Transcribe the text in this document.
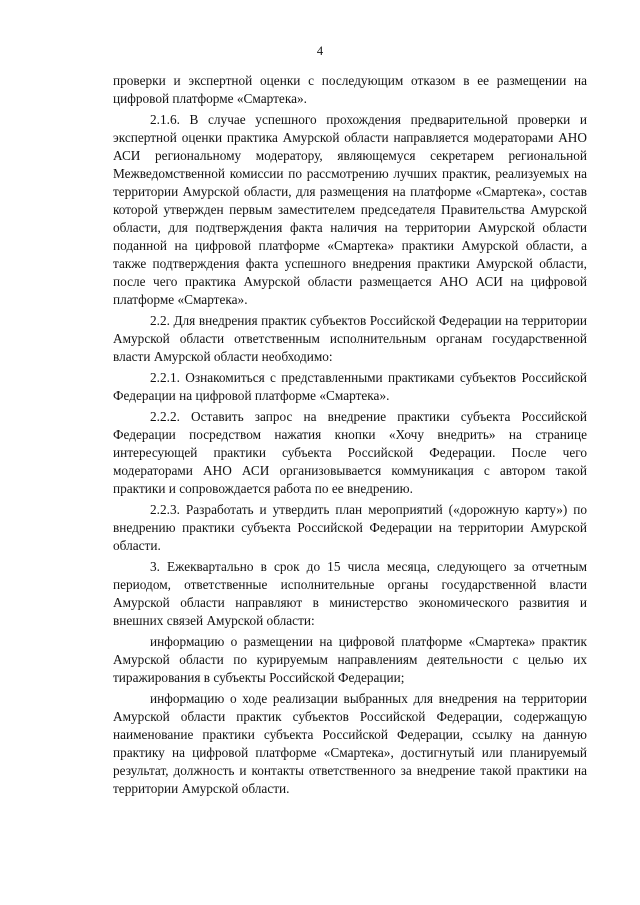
4

проверки и экспертной оценки с последующим отказом в ее размещении на цифровой платформе «Смартека».

2.1.6. В случае успешного прохождения предварительной проверки и экспертной оценки практика Амурской области направляется модераторами АНО АСИ региональному модератору, являющемуся секретарем региональной Межведомственной комиссии по рассмотрению лучших практик, реализуемых на территории Амурской области, для размещения на платформе «Смартека», состав которой утвержден первым заместителем председателя Правительства Амурской области, для подтверждения факта наличия на территории Амурской области поданной на цифровой платформе «Смартека» практики Амурской области, а также подтверждения факта успешного внедрения практики Амурской области, после чего практика Амурской области размещается АНО АСИ на цифровой платформе «Смартека».

2.2. Для внедрения практик субъектов Российской Федерации на территории Амурской области ответственным исполнительным органам государственной власти Амурской области необходимо:

2.2.1. Ознакомиться с представленными практиками субъектов Российской Федерации на цифровой платформе «Смартека».

2.2.2. Оставить запрос на внедрение практики субъекта Российской Федерации посредством нажатия кнопки «Хочу внедрить» на странице интересующей практики субъекта Российской Федерации. После чего модераторами АНО АСИ организовывается коммуникация с автором такой практики и сопровождается работа по ее внедрению.

2.2.3. Разработать и утвердить план мероприятий («дорожную карту») по внедрению практики субъекта Российской Федерации на территории Амурской области.

3. Ежеквартально в срок до 15 числа месяца, следующего за отчетным периодом, ответственные исполнительные органы государственной власти Амурской области направляют в министерство экономического развития и внешних связей Амурской области:

информацию о размещении на цифровой платформе «Смартека» практик Амурской области по курируемым направлениям деятельности с целью их тиражирования в субъекты Российской Федерации;

информацию о ходе реализации выбранных для внедрения на территории Амурской области практик субъектов Российской Федерации, содержащую наименование практики субъекта Российской Федерации, ссылку на данную практику на цифровой платформе «Смартека», достигнутый или планируемый результат, должность и контакты ответственного за внедрение такой практики на территории Амурской области.
